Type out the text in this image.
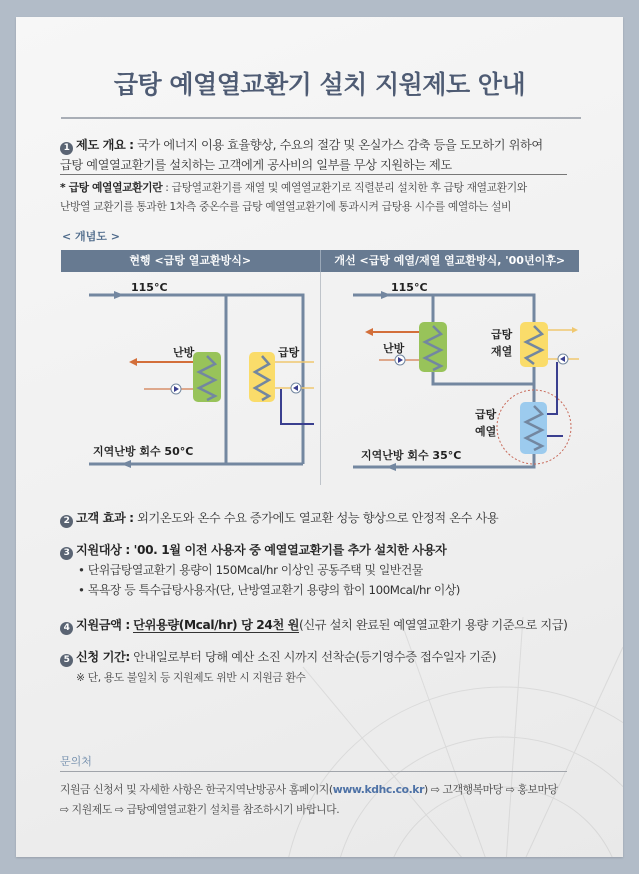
급탕 예열열교환기 설치 지원제도 안내
1 제도 개요 : 국가 에너지 이용 효율향상, 수요의 절감 및 온실가스 감축 등을 도모하기 위하여
급탕 예열열교환기를 설치하는 고객에게 공사비의 일부를 무상 지원하는 제도
* 급탕 예열열교환기란 : 급탕열교환기를 재열 및 예열열교환기로 직렬분리 설치한 후 급탕 재열교환기와
난방열 교환기를 통과한 1차측 중온수를 급탕 예열열교환기에 통과시켜 급탕용 시수를 예열하는 설비
< 개념도 >
현행 <급탕 열교환방식>	개선 <급탕 예열/재열 열교환방식, '00년이후>
115°C
난방	급탕
지역난방 회수 50°C
115°C
난방
급탕
재열
급탕
예열
지역난방 회수 35°C
2 고객 효과 : 외기온도와 온수 수요 증가에도 열교환 성능 향상으로 안정적 온수 사용
3 지원대상 : '00. 1월 이전 사용자 중 예열열교환기를 추가 설치한 사용자
• 단위급탕열교환기 용량이 150Mcal/hr 이상인 공동주택 및 일반건물
• 목욕장 등 특수급탕사용자(단, 난방열교환기 용량의 합이 100Mcal/hr 이상)
4 지원금액 : 단위용량(Mcal/hr) 당 24천 원(신규 설치 완료된 예열열교환기 용량 기준으로 지급)
5 신청 기간: 안내일로부터 당해 예산 소진 시까지 선착순(등기영수증 접수일자 기준)
※ 단, 용도 불일치 등 지원제도 위반 시 지원금 환수
문의처
지원금 신청서 및 자세한 사항은 한국지역난방공사 홈페이지(www.kdhc.co.kr) ⇨ 고객행복마당 ⇨ 홍보마당
⇨ 지원제도 ⇨ 급탕예열열교환기 설치를 참조하시기 바랍니다.
